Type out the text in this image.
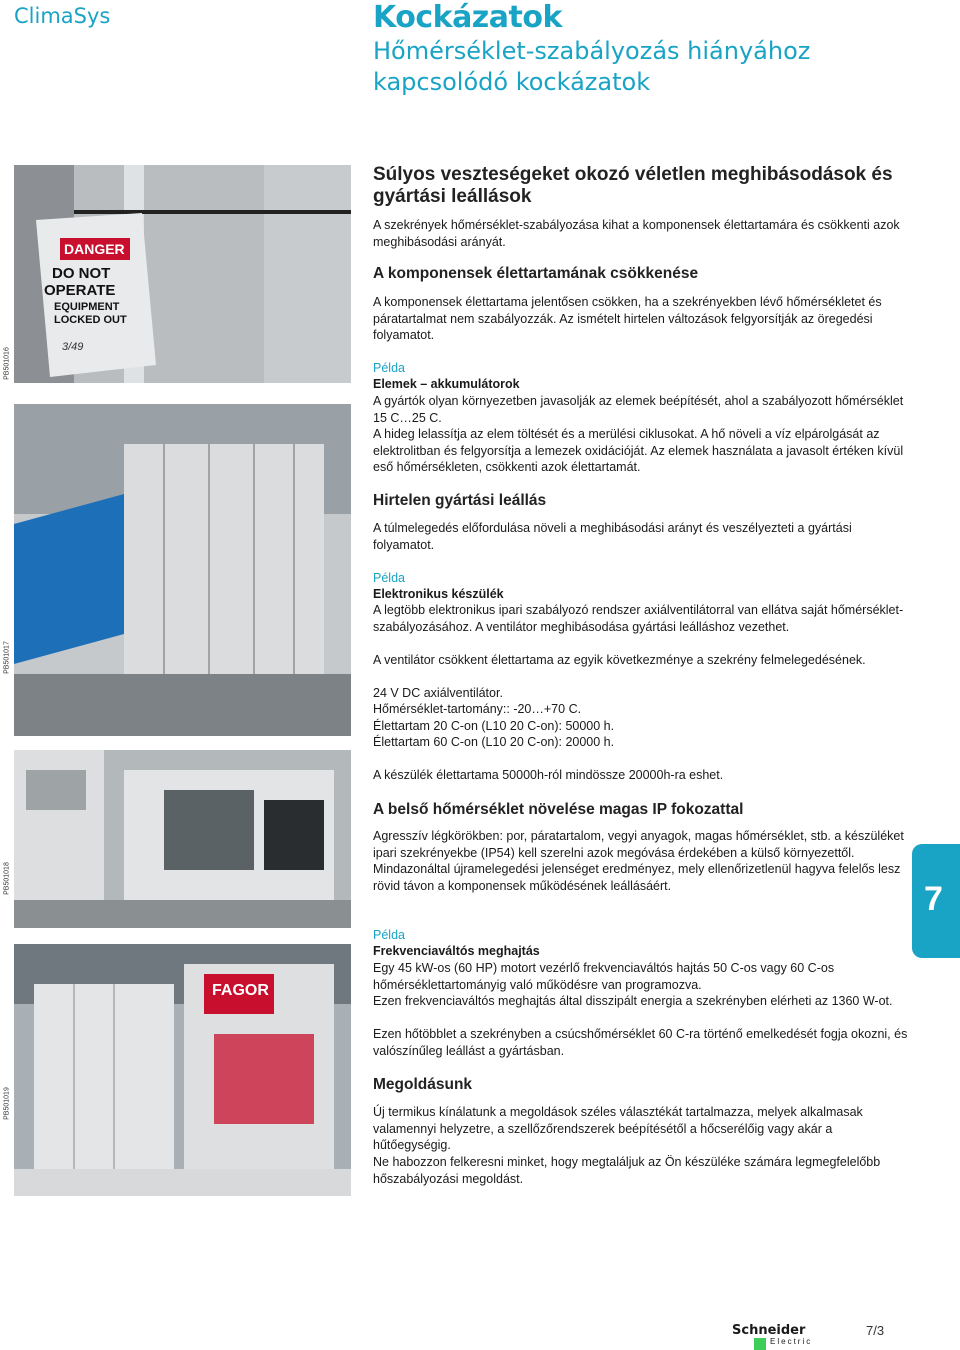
ClimaSys	Kockázatok
Hőmérséklet-szabályozás hiányához kapcsolódó kockázatok
DANGER
DO NOT
OPERATE
EQUIPMENT
LOCKED OUT
3/49
PB501016
PB501017
PB501018
FAGOR
PB501019
Súlyos veszteségeket okozó véletlen meghibásodások és gyártási leállások

A szekrények hőmérséklet-szabályozása kihat a komponensek élettartamára és csökkenti azok meghibásodási arányát.

A komponensek élettartamának csökkenése

A komponensek élettartama jelentősen csökken, ha a szekrényekben lévő hőmérsékletet és páratartalmat nem szabályozzák. Az ismételt hirtelen változások felgyorsítják az öregedési folyamatot.

Példa

Elemek – akkumulátorok

A gyártók olyan környezetben javasolják az elemek beépítését, ahol a szabályozott hőmérséklet 15 C…25 C.

A hideg lelassítja az elem töltését és a merülési ciklusokat. A hő növeli a víz elpárolgását az elektrolitban és felgyorsítja a lemezek oxidációját. Az elemek használata a javasolt értéken kívül eső hőmérsékleten, csökkenti azok élettartamát.

Hirtelen gyártási leállás

A túlmelegedés előfordulása növeli a meghibásodási arányt és veszélyezteti a gyártási folyamatot.

Példa

Elektronikus készülék

A legtöbb elektronikus ipari szabályozó rendszer axiálventilátorral van ellátva saját hőmérséklet-szabályozásához. A ventilátor meghibásodása gyártási leálláshoz vezethet.

A ventilátor csökkent élettartama az egyik következménye a szekrény felmelegedésének.

24 V DC axiálventilátor.

Hőmérséklet-tartomány:: -20…+70 C.

Élettartam 20 C-on (L10 20 C-on): 50000 h.

Élettartam 60 C-on (L10 20 C-on): 20000 h.

A készülék élettartama 50000h-ról mindössze 20000h-ra eshet.

A belső hőmérséklet növelése magas IP fokozattal

Agresszív légkörökben: por, páratartalom, vegyi anyagok, magas hőmérséklet, stb. a készüléket ipari szekrényekbe (IP54) kell szerelni azok megóvása érdekében a külső környezettől. Mindazonáltal újramelegedési jelenséget eredményez, mely ellenőrizetlenül hagyva felelős lesz rövid távon a komponensek működésének leállásáért.

Példa

Frekvenciaváltós meghajtás

Egy 45 kW-os (60 HP) motort vezérlő frekvenciaváltós hajtás 50 C-os vagy 60 C-os hőmérséklettartományig való működésre van programozva.

Ezen frekvenciaváltós meghajtás által disszipált energia a szekrényben elérheti az 1360 W-ot.

Ezen hőtöbblet a szekrényben a csúcshőmérséklet 60 C-ra történő emelkedését fogja okozni, és valószínűleg leállást a gyártásban.

Megoldásunk

Új termikus kínálatunk a megoldások széles választékát tartalmazza, melyek alkalmasak valamennyi helyzetre, a szellőzőrendszerek beépítésétől a hőcserélőig vagy akár a hűtőegységig.

Ne habozzon felkeresni minket, hogy megtaláljuk az Ön készüléke számára legmegfelelőbb hőszabályozási megoldást.

7
Schneider
Electric
7/3
